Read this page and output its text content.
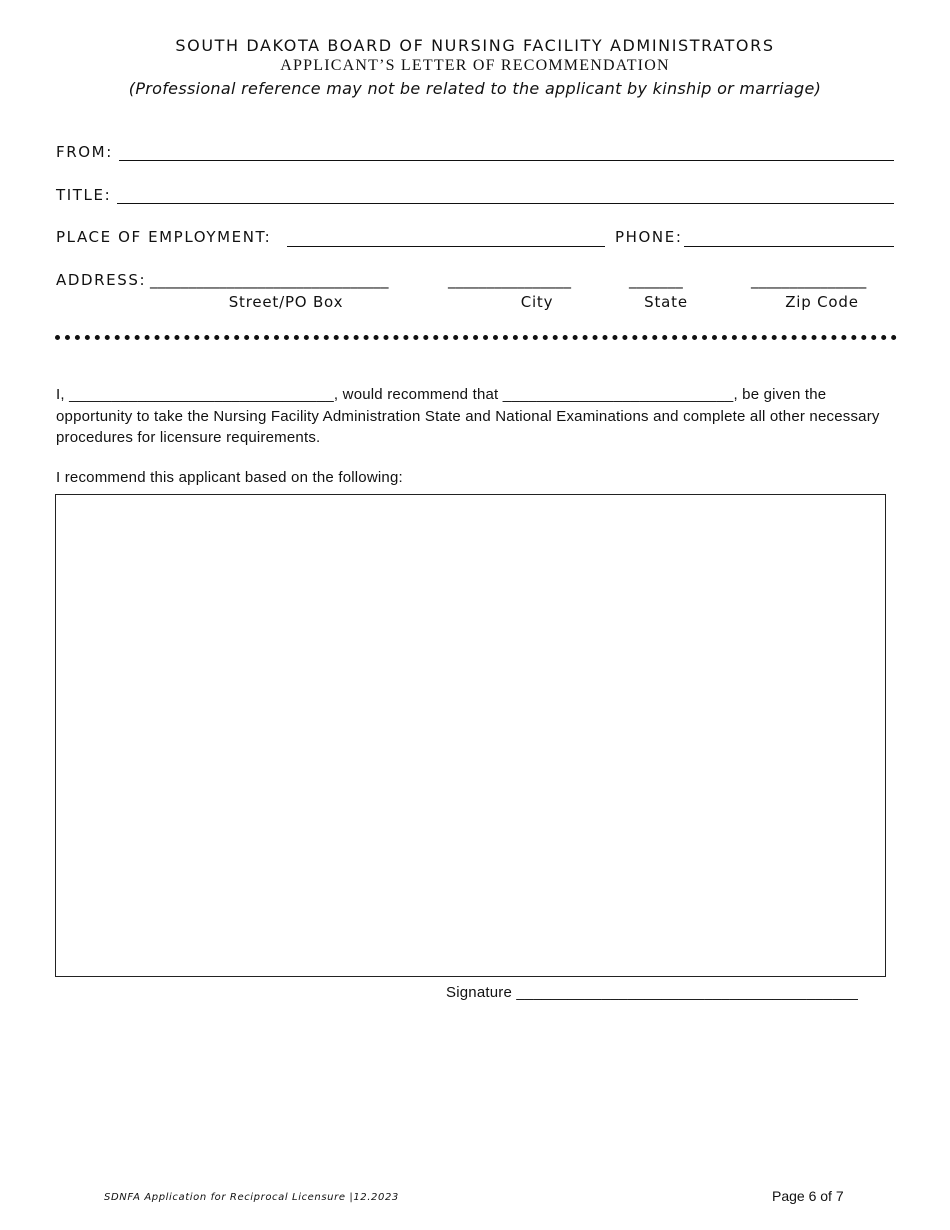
SOUTH DAKOTA BOARD OF NURSING FACILITY ADMINISTRATORS
APPLICANT’S LETTER OF RECOMMENDATION
(Professional reference may not be related to the applicant by kinship or marriage)
FROM:
TITLE:
PLACE OF EMPLOYMENT:	PHONE:
ADDRESS: _______________________________	________________	_______	_______________
Street/PO Box	City	State	Zip Code
I, _______________________________, would recommend that ___________________________, be given the opportunity to take the Nursing Facility Administration State and National Examinations and complete all other necessary procedures for licensure requirements.
I recommend this applicant based on the following:
Signature ________________________________________
SDNFA Application for Reciprocal Licensure |12.2023	Page 6 of 7
